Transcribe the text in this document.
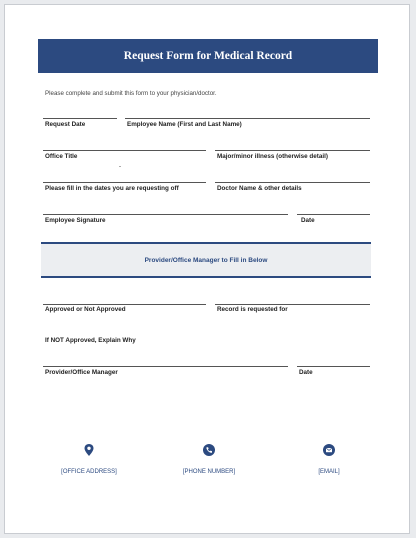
Request Form for Medical Record
Please complete and submit this form to your physician/doctor.
Request Date	Employee Name (First and Last Name)
Office Title	Major/minor illness (otherwise detail)
-
Please fill in the dates you are requesting off	Doctor Name & other details
Employee Signature	Date
Provider/Office Manager to Fill in Below
Approved or Not Approved	Record is requested for
If NOT Approved, Explain Why
Provider/Office Manager	Date
[OFFICE ADDRESS]	[PHONE NUMBER]	[EMAIL]
